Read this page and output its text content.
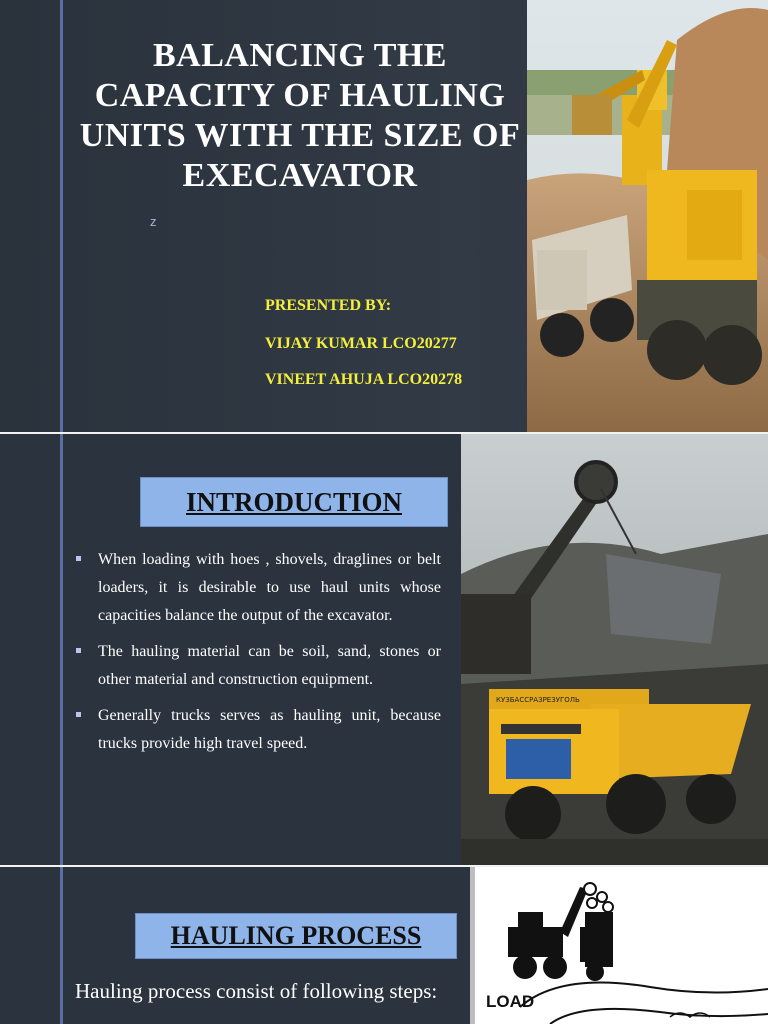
BALANCING THE CAPACITY OF HAULING UNITS WITH THE SIZE OF EXECAVATOR
z
PRESENTED BY:
VIJAY KUMAR LCO20277
VINEET AHUJA LCO20278
INTRODUCTION
КУЗБАССРАЗРЕЗУГОЛЬ
When loading with hoes , shovels, draglines or belt loaders, it is desirable to use haul units whose capacities balance the output of the excavator.
The hauling material can be soil, sand, stones or other material and construction equipment.
Generally trucks serves as hauling unit, because trucks provide high travel speed.
HAULING PROCESS
LOAD
Hauling process consist of following steps:
